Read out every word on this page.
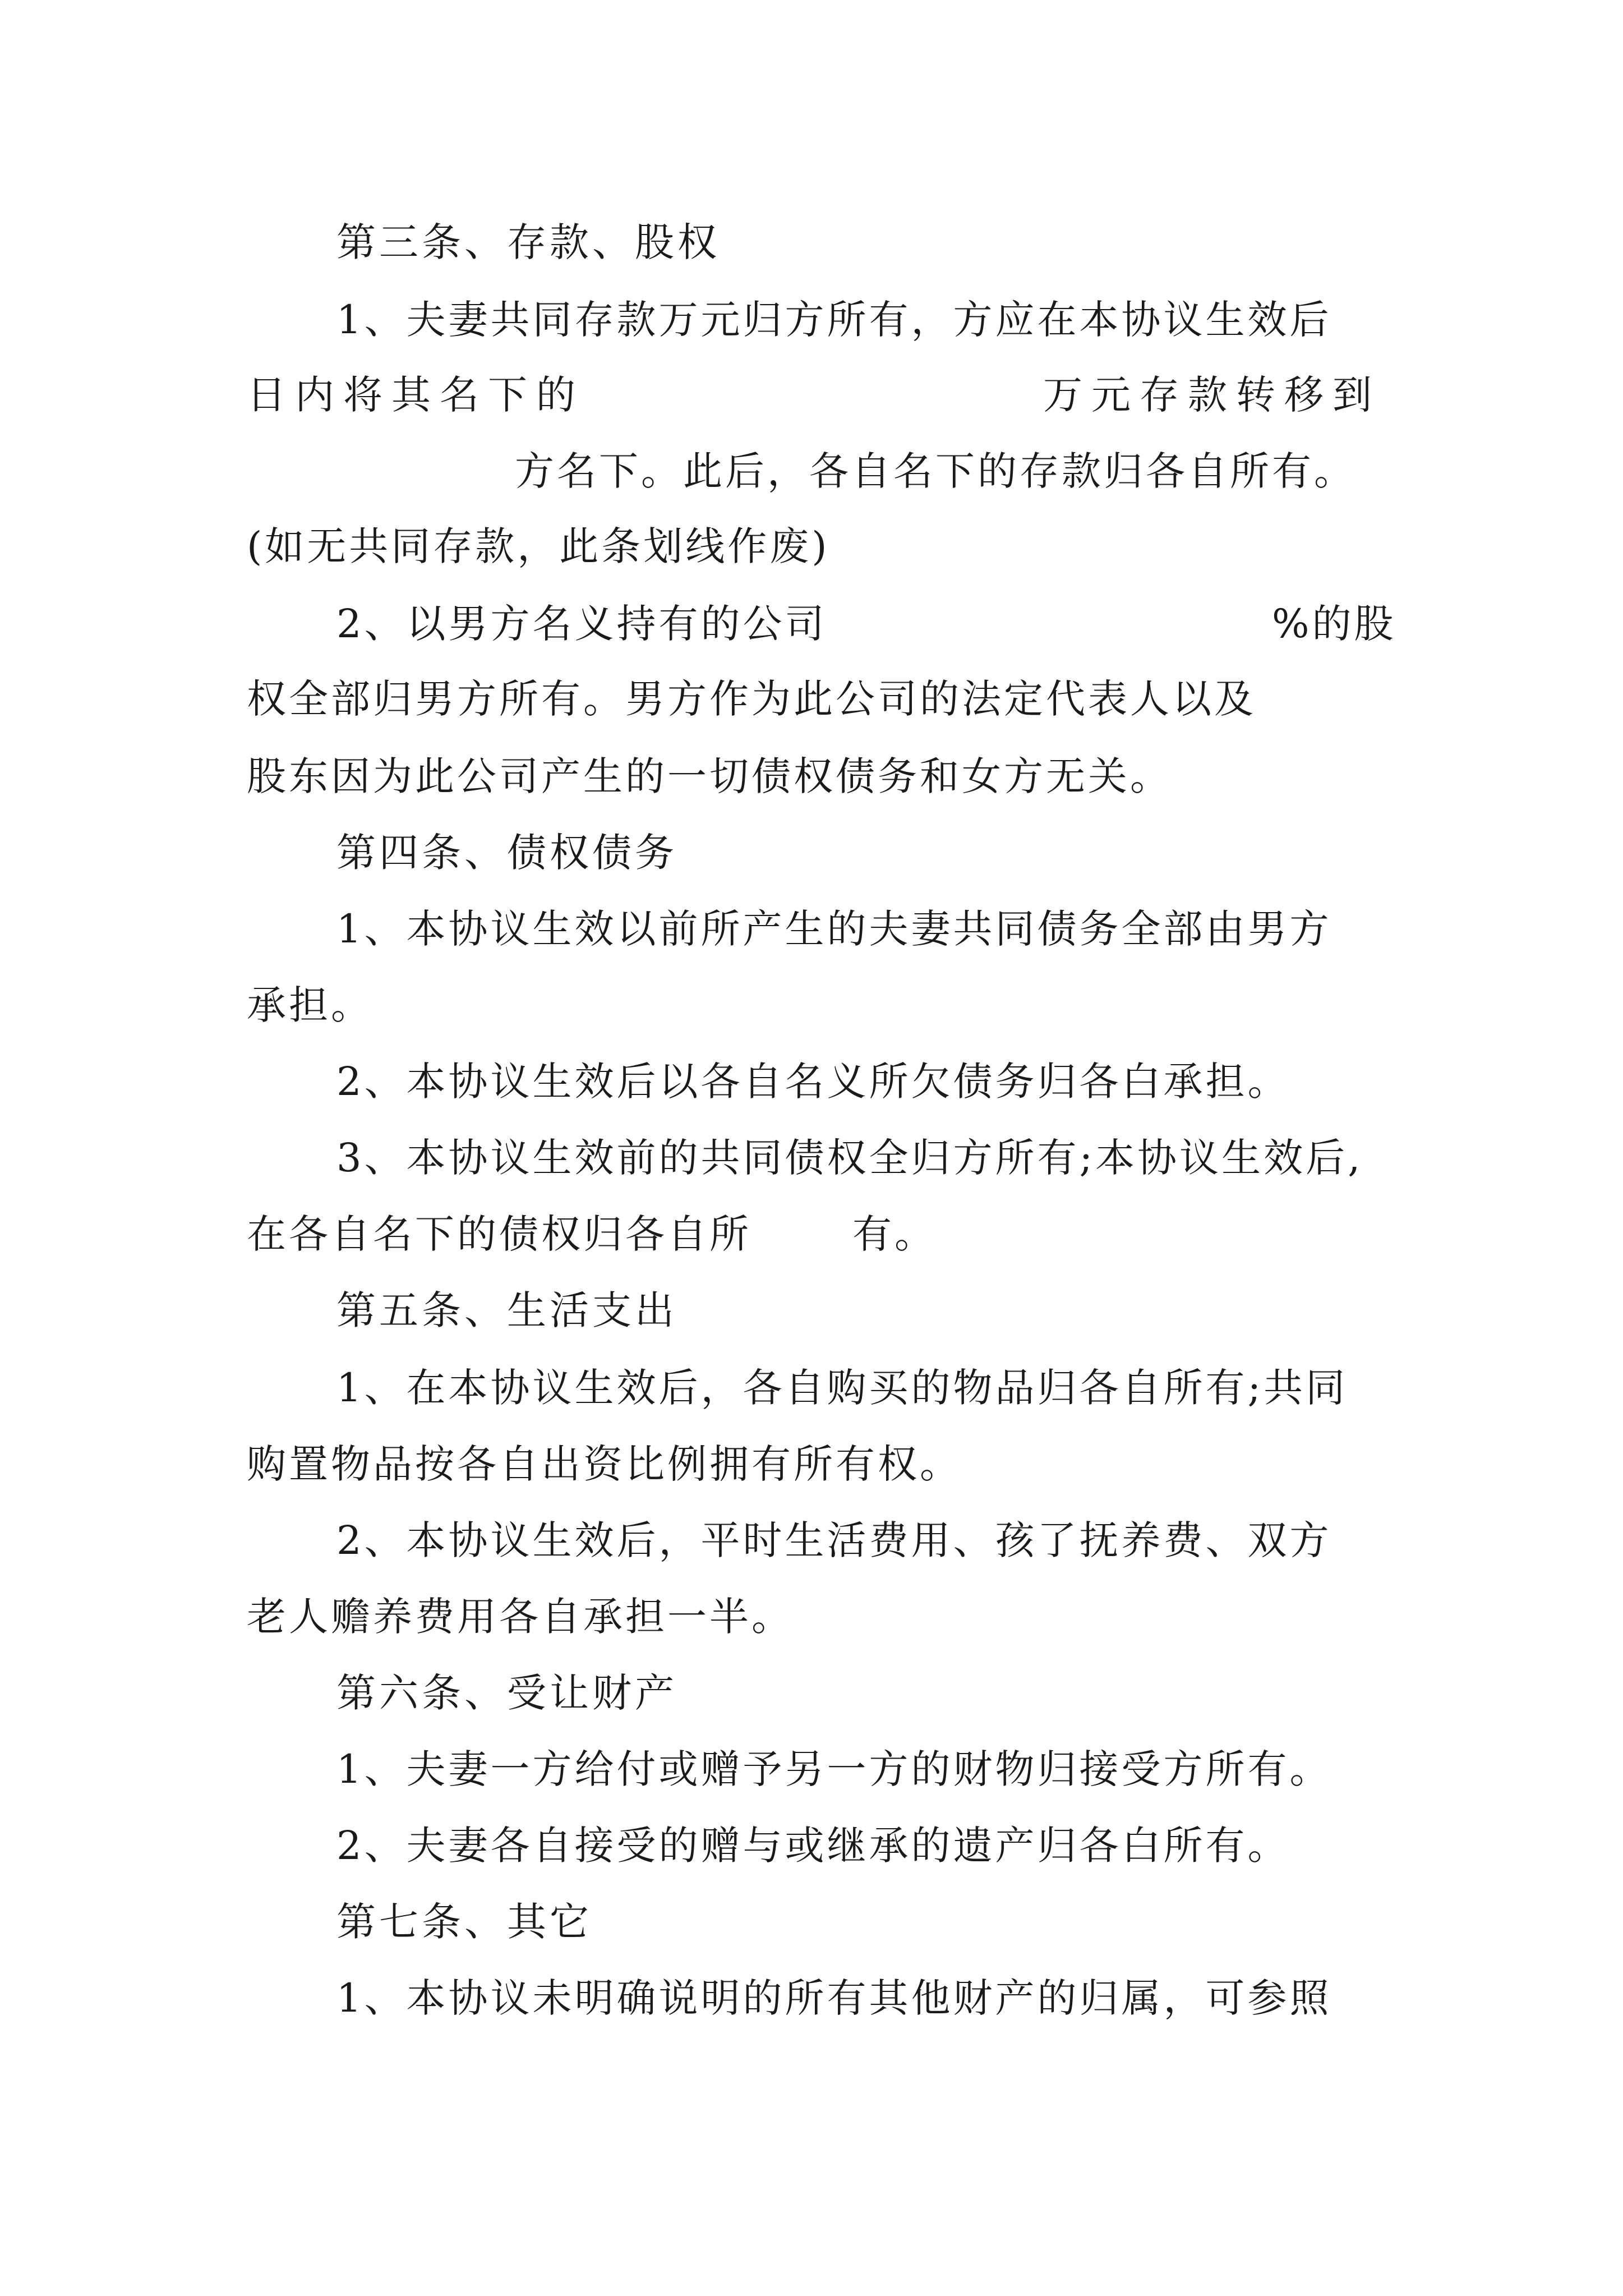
第三条、存款、股权
1、夫妻共同存款万元归方所有，方应在本协议生效后
日内将其名下的	万元存款转移到
方名下。此后，各自名下的存款归各自所有。
(如无共同存款，此条划线作废)
2、以男方名义持有的公司	%的股
权全部归男方所有。男方作为此公司的法定代表人以及
股东因为此公司产生的一切债权债务和女方无关。
第四条、债权债务
1、本协议生效以前所产生的夫妻共同债务全部由男方
承担。
2、本协议生效后以各自名义所欠债务归各白承担。
3、本协议生效前的共同债权全归方所有;本协议生效后,
在各自名下的债权归各自所	有。
第五条、生活支出
1、在本协议生效后，各自购买的物品归各自所有;共同
购置物品按各自出资比例拥有所有权。
2、本协议生效后，平时生活费用、孩了抚养费、双方
老人赡养费用各自承担一半。
第六条、受让财产
1、夫妻一方给付或赠予另一方的财物归接受方所有。
2、夫妻各自接受的赠与或继承的遗产归各白所有。
第七条、其它
1、本协议未明确说明的所有其他财产的归属，可参照
